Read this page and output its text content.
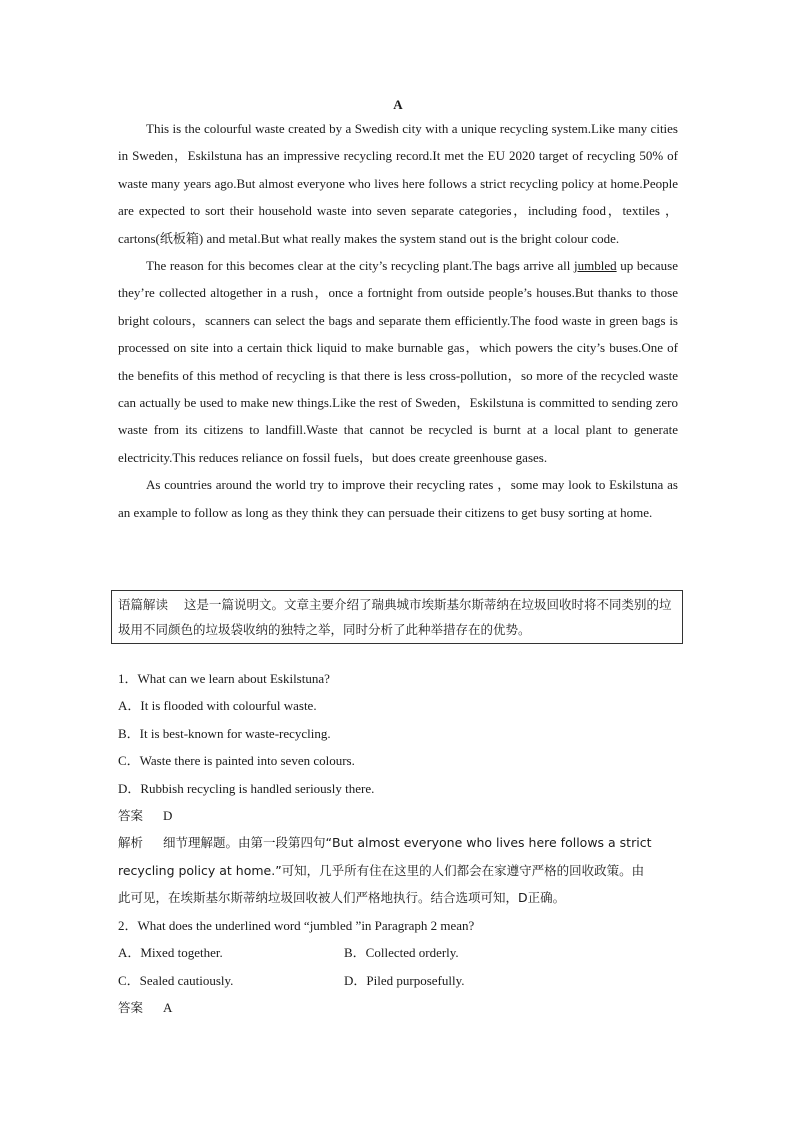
A

This is the colourful waste created by a Swedish city with a unique recycling system.Like many cities in Sweden，Eskilstuna has an impressive recycling record.It met the EU 2020 target of recycling 50% of waste many years ago.But almost everyone who lives here follows a strict recycling policy at home.People are expected to sort their household waste into seven separate categories，including food，textiles ，cartons(纸板箱) and metal.But what really makes the system stand out is the bright colour code.

The reason for this becomes clear at the city’s recycling plant.The bags arrive all jumbled up because they’re collected altogether in a rush，once a fortnight from outside people’s houses.But thanks to those bright colours，scanners can select the bags and separate them efficiently.The food waste in green bags is processed on site into a certain thick liquid to make burnable gas，which powers the city’s buses.One of the benefits of this method of recycling is that there is less cross-pollution，so more of the recycled waste can actually be used to make new things.Like the rest of Sweden，Eskilstuna is committed to sending zero waste from its citizens to landfill.Waste that cannot be recycled is burnt at a local plant to generate electricity.This reduces reliance on fossil fuels，but does create greenhouse gases.

As countries around the world try to improve their recycling rates ，some may look to Eskilstuna as an example to follow as long as they think they can persuade their citizens to get busy sorting at home.

语篇解读 这是一篇说明文。文章主要介绍了瑞典城市埃斯基尔斯蒂纳在垃圾回收时将不同类别的垃圾用不同颜色的垃圾袋收纳的独特之举，同时分析了此种举措存在的优势。
1．What can we learn about Eskilstuna?
A．It is flooded with colourful waste.
B．It is best-known for waste-recycling.
C．Waste there is painted into seven colours.
D．Rubbish recycling is handled seriously there.
答案 D
解析 细节理解题。由第一段第四句“But almost everyone who lives here follows a strict
recycling policy at home.”可知，几乎所有住在这里的人们都会在家遵守严格的回收政策。由
此可见，在埃斯基尔斯蒂纳垃圾回收被人们严格地执行。结合选项可知，D正确。
2．What does the underlined word “jumbled ”in Paragraph 2 mean?
A．Mixed together.	B．Collected orderly.
C．Sealed cautiously.	D．Piled purposefully.
答案 A
